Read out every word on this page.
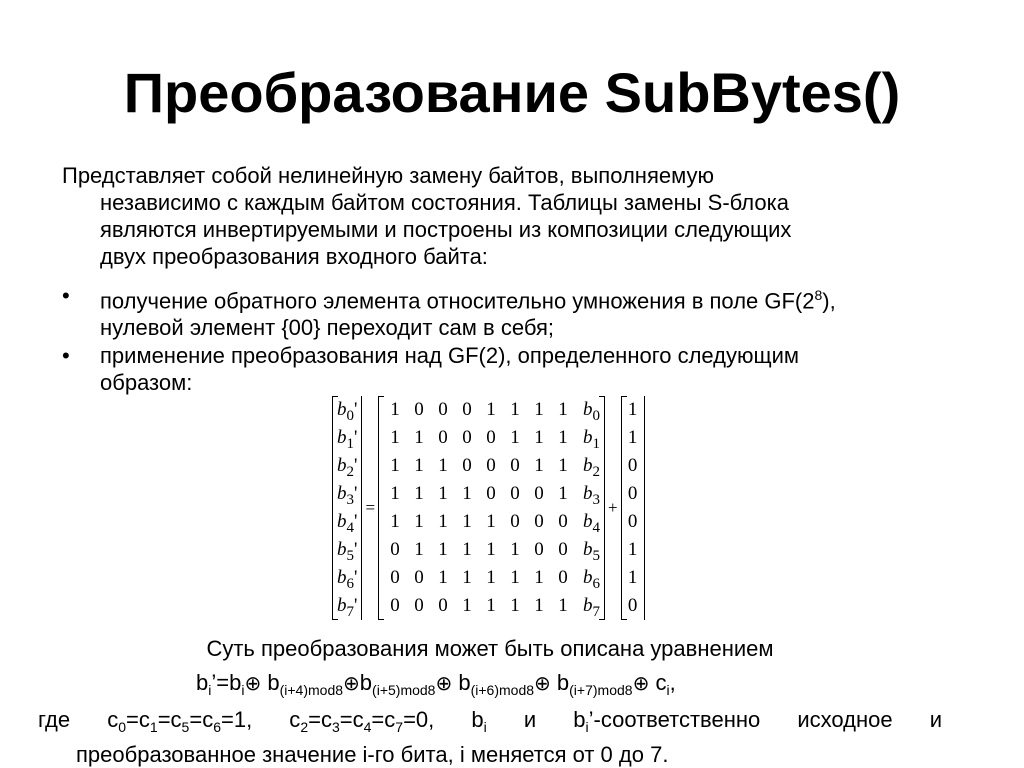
Преобразование SubBytes()
Представляет собой нелинейную замену байтов, выполняемую
независимо с каждым байтом состояния. Таблицы замены S-блока
являются инвертируемыми и построены из композиции следующих
двух преобразования входного байта:
•	получение обратного элемента относительно умножения в поле $GF(2^8)$,
нулевой элемент {00} переходит сам в себя;
•	применение преобразования над GF(2), определенного следующим
образом:
$b_0'$
$b_1'$
$b_2'$
$b_3'$
$b_4'$
$b_5'$
$b_6'$
$b_7'$
=
1 0 0 0 1 1 1 1
1 1 0 0 0 1 1 1
1 1 1 0 0 0 1 1
1 1 1 1 0 0 0 1
1 1 1 1 1 0 0 0
0 1 1 1 1 1 0 0
0 0 1 1 1 1 1 0
0 0 0 1 1 1 1 1
$b_0$
$b_1$
$b_2$
$b_3$
$b_4$
$b_5$
$b_6$
$b_7$
+
1
1
0
0
0
1
1
0
Суть преобразования может быть описана уравнением
$b_i’=b_i\oplus$ $b_{(i+4)mod8}\oplus b_{(i+5)mod8}\oplus$ $b_{(i+6)mod8}\oplus$ $b_{(i+7)mod8}\oplus$ $c_i$,
где $c_0=c_1=c_5=c_6=1$, $c_2=c_3=c_4=c_7=0$, $b_i$ и $b_i$’-соответственно исходное и
преобразованное значение i-го бита, i меняется от 0 до 7.
